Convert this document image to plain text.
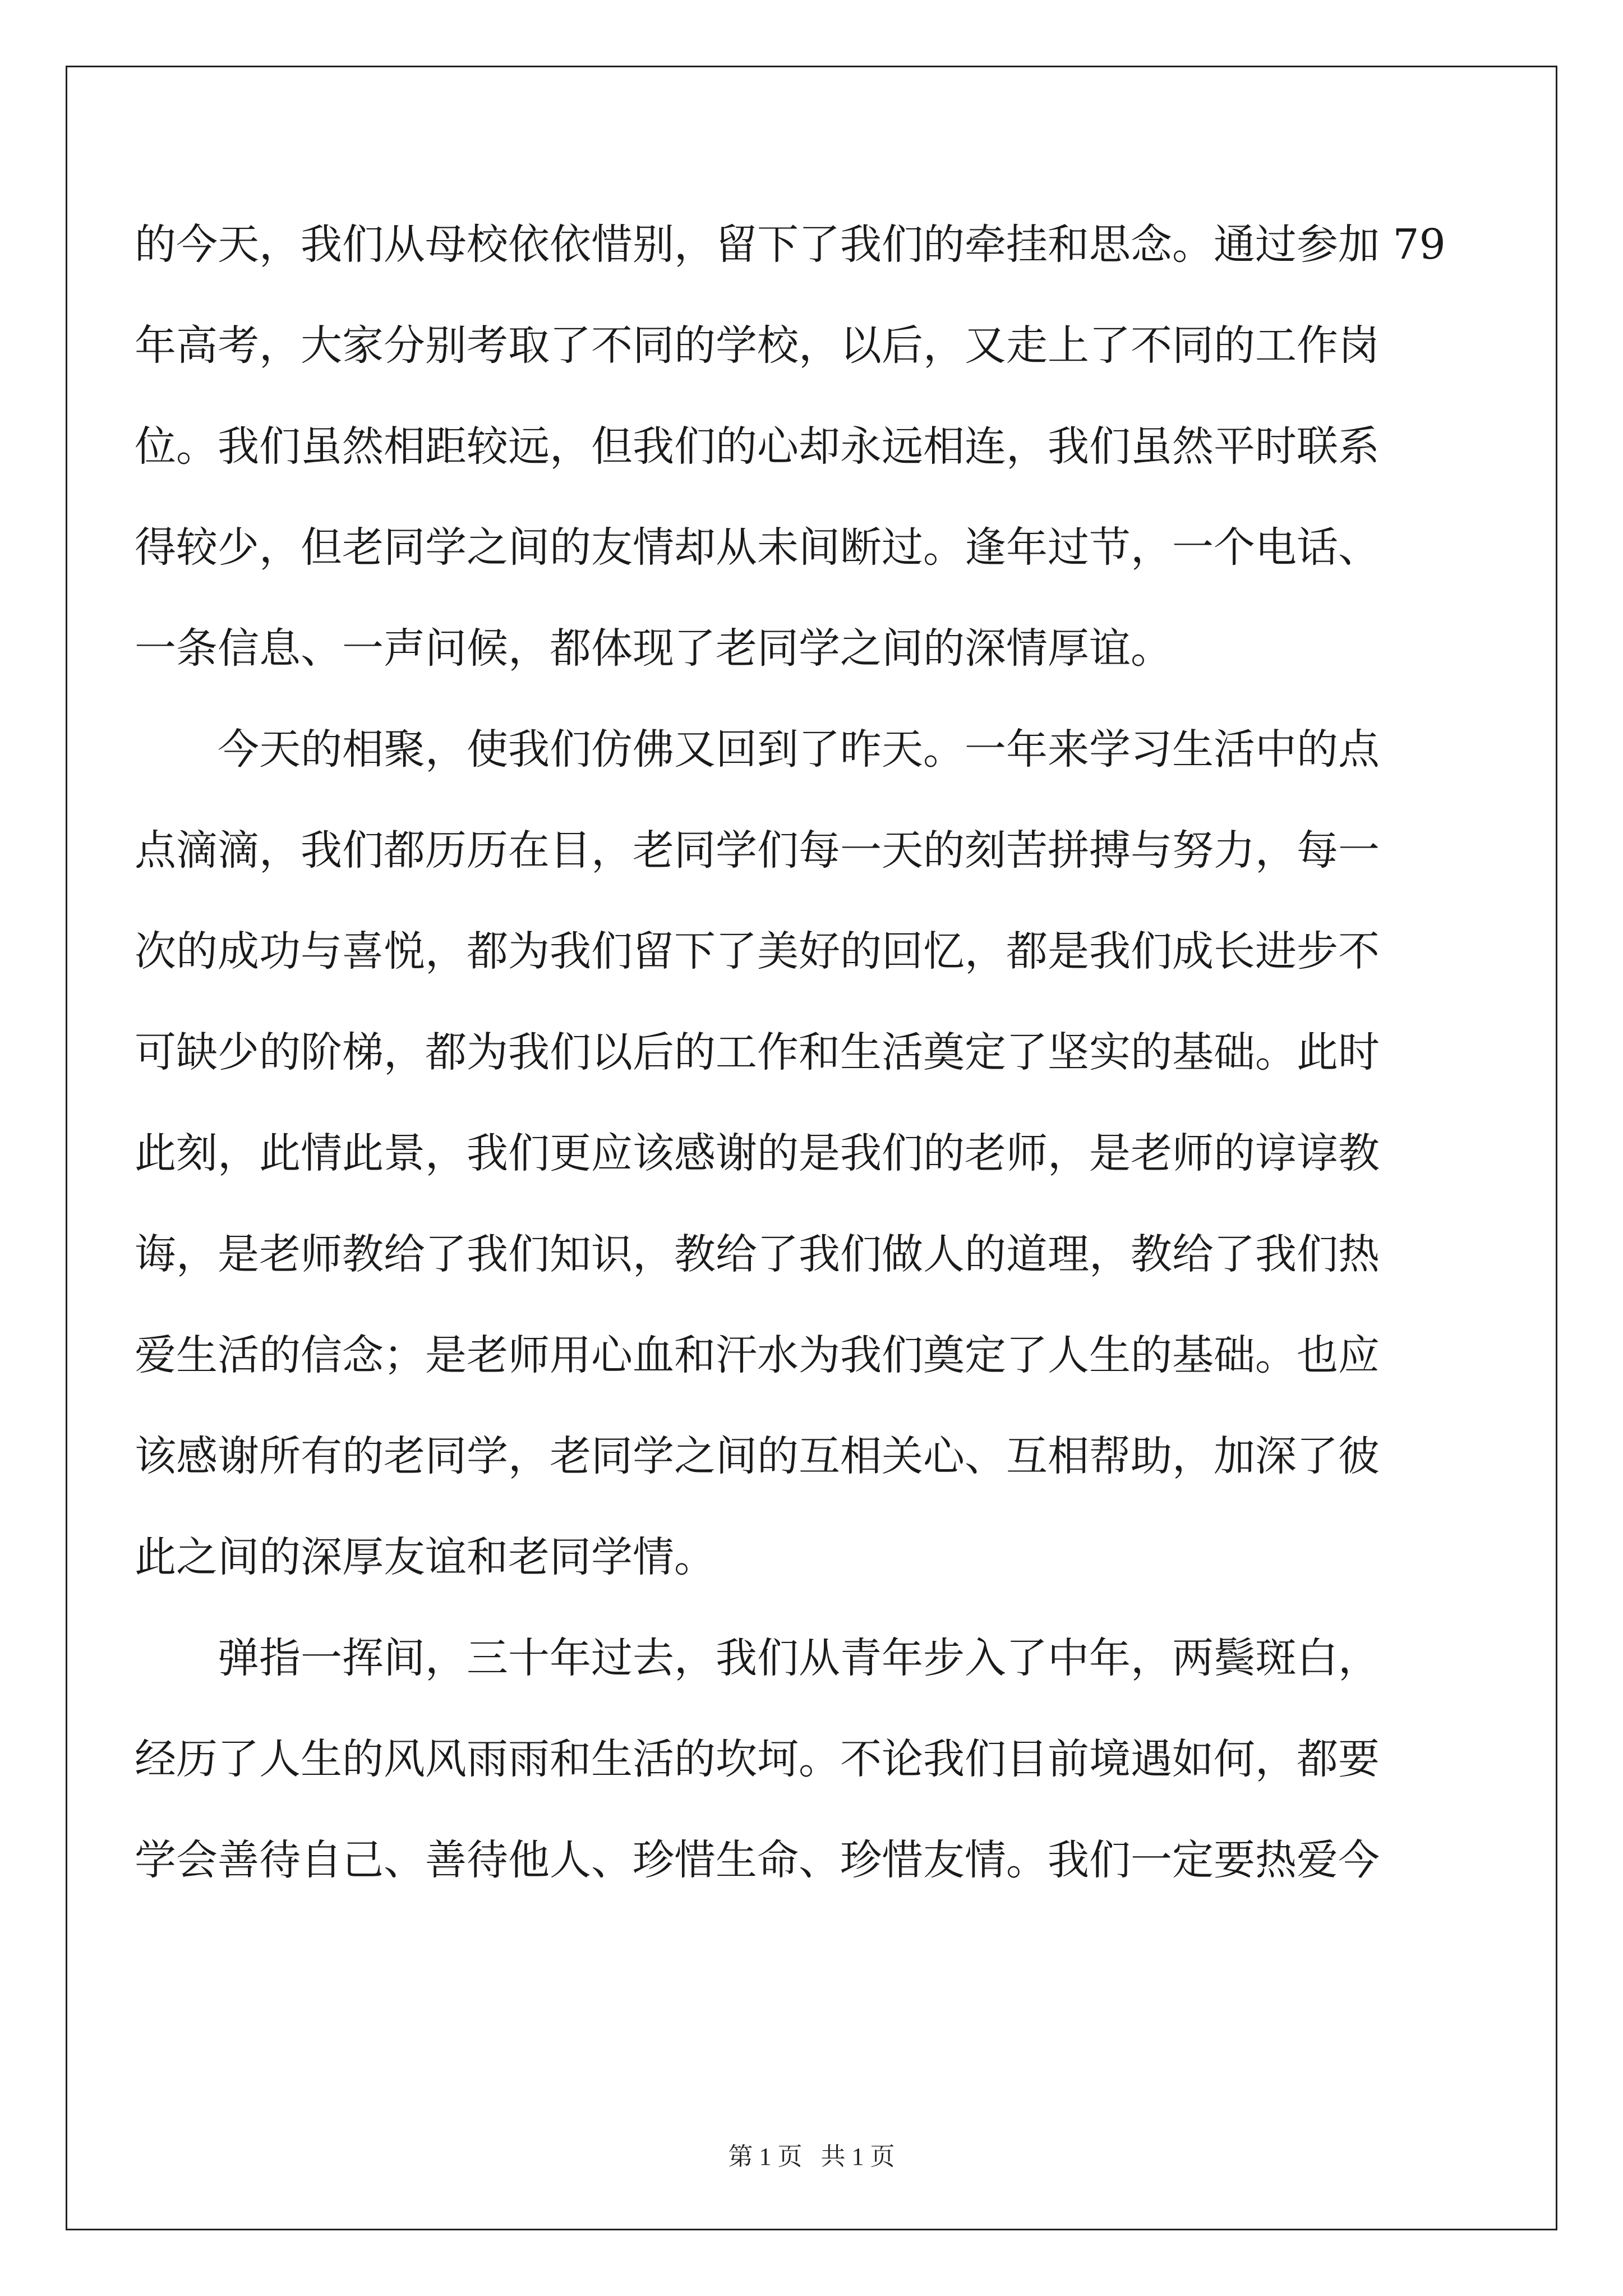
的今天，我们从母校依依惜别，留下了我们的牵挂和思念。通过参加 79
年高考，大家分别考取了不同的学校，以后，又走上了不同的工作岗
位。我们虽然相距较远，但我们的心却永远相连，我们虽然平时联系
得较少，但老同学之间的友情却从未间断过。逢年过节，一个电话、
一条信息、一声问候，都体现了老同学之间的深情厚谊。
今天的相聚，使我们仿佛又回到了昨天。一年来学习生活中的点
点滴滴，我们都历历在目，老同学们每一天的刻苦拼搏与努力，每一
次的成功与喜悦，都为我们留下了美好的回忆，都是我们成长进步不
可缺少的阶梯，都为我们以后的工作和生活奠定了坚实的基础。此时
此刻，此情此景，我们更应该感谢的是我们的老师，是老师的谆谆教
诲，是老师教给了我们知识，教给了我们做人的道理，教给了我们热
爱生活的信念；是老师用心血和汗水为我们奠定了人生的基础。也应
该感谢所有的老同学，老同学之间的互相关心、互相帮助，加深了彼
此之间的深厚友谊和老同学情。
弹指一挥间，三十年过去，我们从青年步入了中年，两鬓斑白，
经历了人生的风风雨雨和生活的坎坷。不论我们目前境遇如何，都要
学会善待自己、善待他人、珍惜生命、珍惜友情。我们一定要热爱今
第 1 页   共 1 页
